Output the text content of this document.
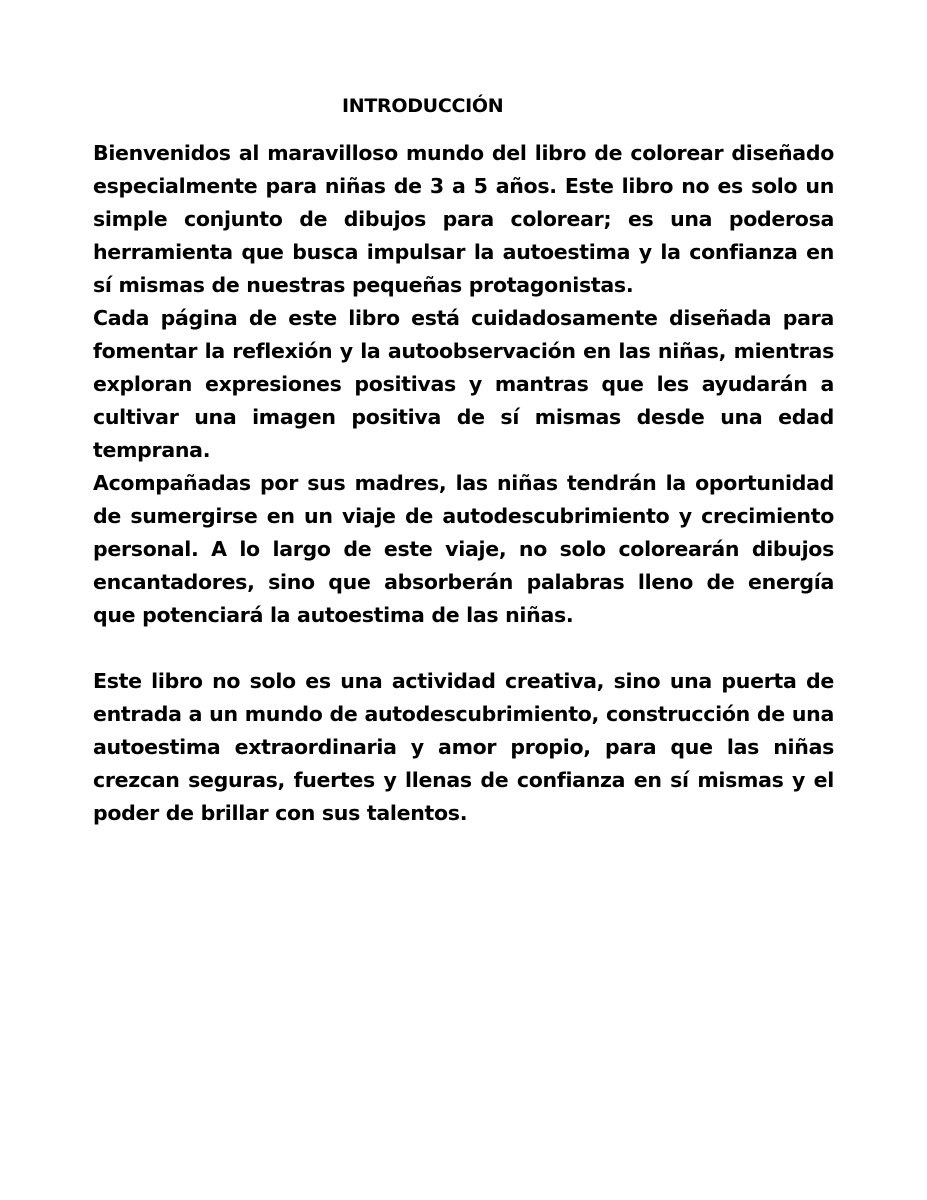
INTRODUCCIÓN

Bienvenidos al maravilloso mundo del libro de colorear diseñado especialmente para niñas de 3 a 5 años. Este libro no es solo un simple conjunto de dibujos para colorear; es una poderosa herramienta que busca impulsar la autoestima y la confianza en sí mismas de nuestras pequeñas protagonistas.

Cada página de este libro está cuidadosamente diseñada para fomentar la reflexión y la autoobservación en las niñas, mientras exploran expresiones positivas y mantras que les ayudarán a cultivar una imagen positiva de sí mismas desde una edad temprana.

Acompañadas por sus madres, las niñas tendrán la oportunidad de sumergirse en un viaje de autodescubrimiento y crecimiento personal. A lo largo de este viaje, no solo colorearán dibujos encantadores, sino que absorberán palabras lleno de energía que potenciará la autoestima de las niñas.

Este libro no solo es una actividad creativa, sino una puerta de entrada a un mundo de autodescubrimiento, construcción de una autoestima extraordinaria y amor propio, para que las niñas crezcan seguras, fuertes y llenas de confianza en sí mismas y el poder de brillar con sus talentos.
